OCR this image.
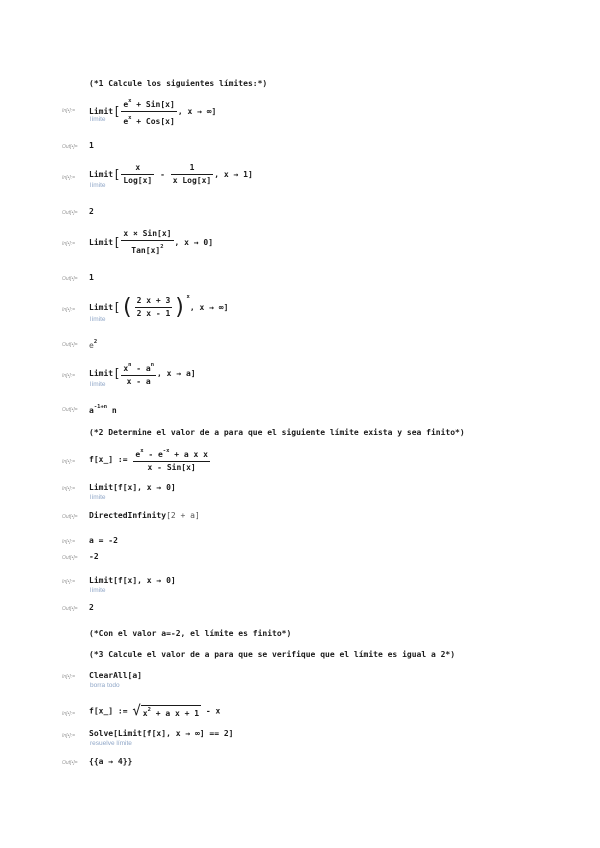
(*1 Calcule los siguientes límites:*)
In[•]:= Limit[ $\frac{e^x + Sin[x]}{e^x + Cos[x]}$ , x → ∞]
límite
Out[•]= 1
In[•]:= Limit[ $\frac{x}{\text{Log[x]}} - \frac{1}{\text{x Log[x]}}$ , x → 1]
límite
Out[•]= 2
In[•]:= Limit[ $\frac{\text{x × Sin[x]}}{Tan[x]^2}$ , x → 0]
Out[•]= 1
In[•]:= Limit[( $\frac{2 x + 3}{2 x - 1} )^x$, x → ∞]
límite
Out[•]= $e^2$
In[•]:= Limit[ $\frac{x^n - a^n}{x - a}$ , x → a]
límite
Out[•]= $a^{-1+n}$ n
(*2 Determine el valor de a para que el siguiente límite exista y sea finito*)
In[•]:= f[x_] := $\frac{e^x - e^{-x} + a x x}{\text{x - Sin[x]}}$
In[•]:= Limit[f[x], x → 0]
límite
Out[•]= DirectedInfinity[2 + a]
In[•]:= a = -2
Out[•]= -2
In[•]:= Limit[f[x], x → 0]
límite
Out[•]= 2
(*Con el valor a=-2, el límite es finito*)
(*3 Calcule el valor de a para que se verifique que el límite es igual a 2*)
In[•]:= ClearAll[a]
borra todo
In[•]:= f[x_] := √ $x^2 + a$ x + 1 - x
In[•]:= Solve[Limit[f[x], x → ∞] == 2]
resuelve límite
Out[•]= {{a → 4}}
